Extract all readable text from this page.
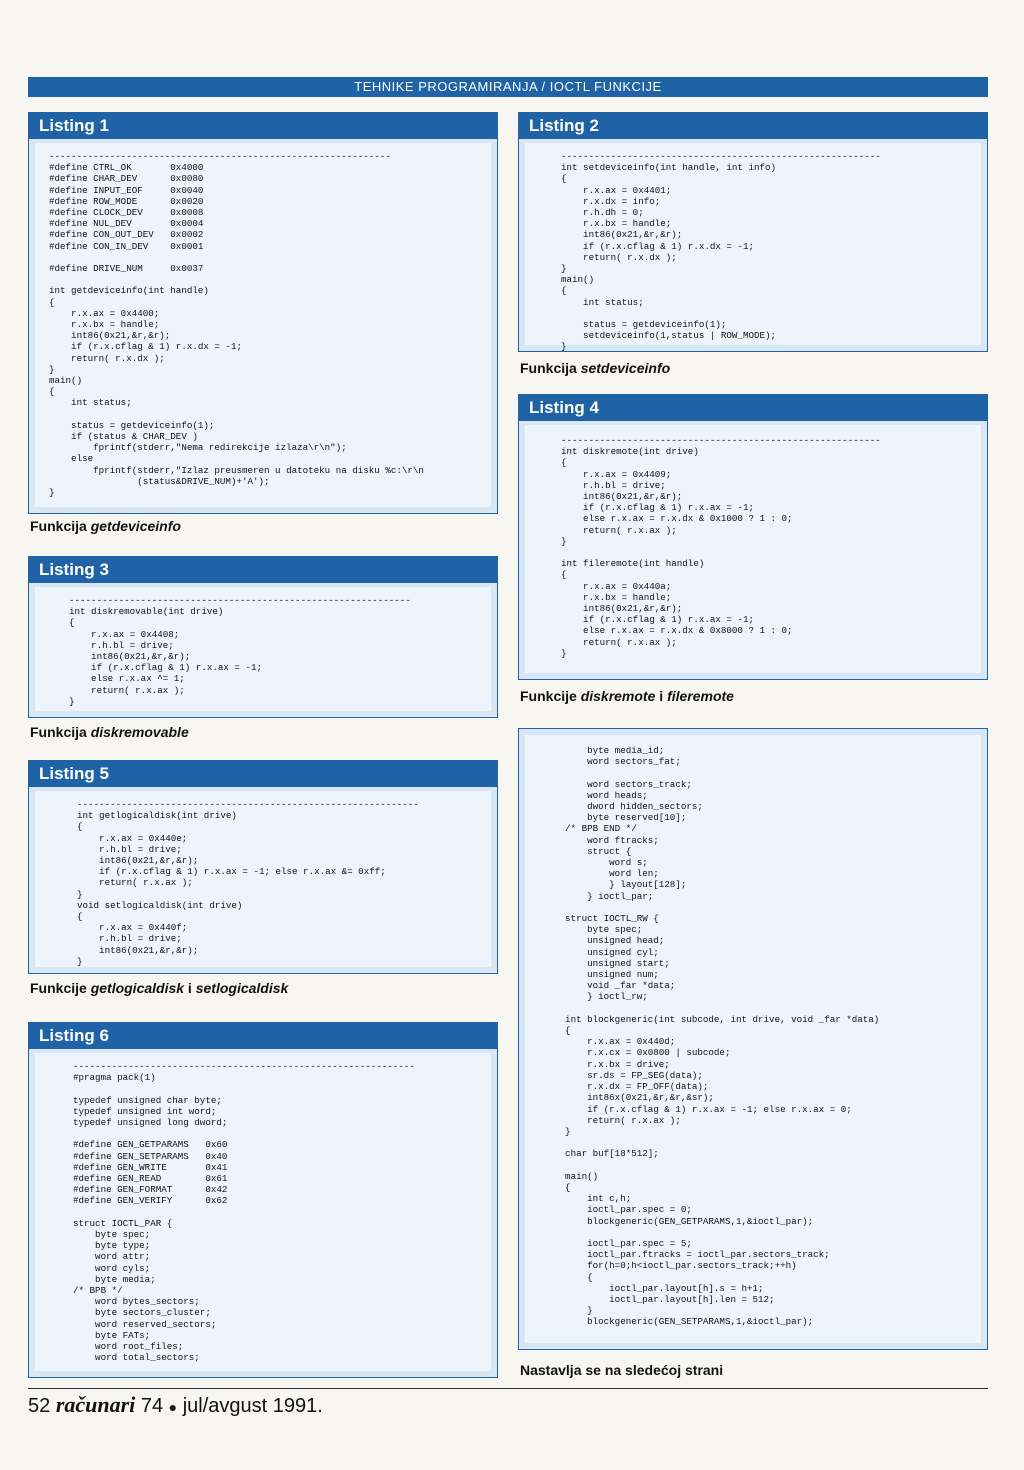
TEHNIKE PROGRAMIRANJA / IOCTL FUNKCIJE
Listing 1
--------------------------------------------------------------
#define CTRL_OK       0x4000
#define CHAR_DEV      0x0080
#define INPUT_EOF     0x0040
#define ROW_MODE      0x0020
#define CLOCK_DEV     0x0008
#define NUL_DEV       0x0004
#define CON_OUT_DEV   0x0002
#define CON_IN_DEV    0x0001

#define DRIVE_NUM     0x0037

int getdeviceinfo(int handle)
{
r.x.ax = 0x4400;
r.x.bx = handle;
int86(0x21,&r,&r);
if (r.x.cflag & 1) r.x.dx = -1;
return( r.x.dx );
}
main()
{
int status;

status = getdeviceinfo(1);
if (status & CHAR_DEV )
fprintf(stderr,"Nema redirekcije izlaza\r\n");
else
fprintf(stderr,"Izlaz preusmeren u datoteku na disku %c:\r\n
(status&DRIVE_NUM)+'A');
}
Funkcija getdeviceinfo
Listing 3
--------------------------------------------------------------
int diskremovable(int drive)
{
r.x.ax = 0x4408;
r.h.bl = drive;
int86(0x21,&r,&r);
if (r.x.cflag & 1) r.x.ax = -1;
else r.x.ax ^= 1;
return( r.x.ax );
}
Funkcija diskremovable
Listing 5
--------------------------------------------------------------
int getlogicaldisk(int drive)
{
r.x.ax = 0x440e;
r.h.bl = drive;
int86(0x21,&r,&r);
if (r.x.cflag & 1) r.x.ax = -1; else r.x.ax &= 0xff;
return( r.x.ax );
}
void setlogicaldisk(int drive)
{
r.x.ax = 0x440f;
r.h.bl = drive;
int86(0x21,&r,&r);
}
Funkcije getlogicaldisk i setlogicaldisk
Listing 6
--------------------------------------------------------------
#pragma pack(1)

typedef unsigned char byte;
typedef unsigned int word;
typedef unsigned long dword;

#define GEN_GETPARAMS   0x60
#define GEN_SETPARAMS   0x40
#define GEN_WRITE       0x41
#define GEN_READ        0x61
#define GEN_FORMAT      0x42
#define GEN_VERIFY      0x62

struct IOCTL_PAR {
byte spec;
byte type;
word attr;
word cyls;
byte media;
/* BPB */
word bytes_sectors;
byte sectors_cluster;
word reserved_sectors;
byte FATs;
word root_files;
word total_sectors;
Listing 2
----------------------------------------------------------
int setdeviceinfo(int handle, int info)
{
r.x.ax = 0x4401;
r.x.dx = info;
r.h.dh = 0;
r.x.bx = handle;
int86(0x21,&r,&r);
if (r.x.cflag & 1) r.x.dx = -1;
return( r.x.dx );
}
main()
{
int status;

status = getdeviceinfo(1);
setdeviceinfo(1,status | ROW_MODE);
}
Funkcija setdeviceinfo
Listing 4
----------------------------------------------------------
int diskremote(int drive)
{
r.x.ax = 0x4409;
r.h.bl = drive;
int86(0x21,&r,&r);
if (r.x.cflag & 1) r.x.ax = -1;
else r.x.ax = r.x.dx & 0x1000 ? 1 : 0;
return( r.x.ax );
}

int fileremote(int handle)
{
r.x.ax = 0x440a;
r.x.bx = handle;
int86(0x21,&r,&r);
if (r.x.cflag & 1) r.x.ax = -1;
else r.x.ax = r.x.dx & 0x8000 ? 1 : 0;
return( r.x.ax );
}
Funkcije diskremote i fileremote
byte media_id;
word sectors_fat;

word sectors_track;
word heads;
dword hidden_sectors;
byte reserved[10];
/* BPB END */
word ftracks;
struct {
word s;
word len;
} layout[128];
} ioctl_par;

struct IOCTL_RW {
byte spec;
unsigned head;
unsigned cyl;
unsigned start;
unsigned num;
void _far *data;
} ioctl_rw;

int blockgeneric(int subcode, int drive, void _far *data)
{
r.x.ax = 0x440d;
r.x.cx = 0x0800 | subcode;
r.x.bx = drive;
sr.ds = FP_SEG(data);
r.x.dx = FP_OFF(data);
int86x(0x21,&r,&r,&sr);
if (r.x.cflag & 1) r.x.ax = -1; else r.x.ax = 0;
return( r.x.ax );
}

char buf[18*512];

main()
{
int c,h;
ioctl_par.spec = 0;
blockgeneric(GEN_GETPARAMS,1,&ioctl_par);

ioctl_par.spec = 5;
ioctl_par.ftracks = ioctl_par.sectors_track;
for(h=0;h<ioctl_par.sectors_track;++h)
{
ioctl_par.layout[h].s = h+1;
ioctl_par.layout[h].len = 512;
}
blockgeneric(GEN_SETPARAMS,1,&ioctl_par);
Nastavlja se na sledećoj strani
52 računari 74 ● jul/avgust 1991.
